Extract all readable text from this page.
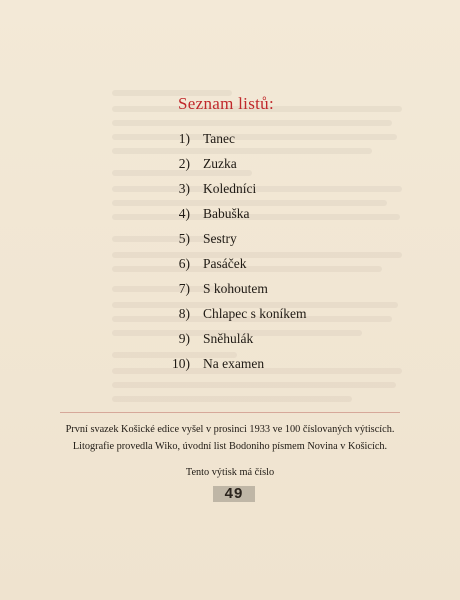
Seznam listů:
1) Tanec
2) Zuzka
3) Koledníci
4) Babuška
5) Sestry
6) Pasáček
7) S kohoutem
8) Chlapec s koníkem
9) Sněhulák
10) Na examen
První svazek Košické edice vyšel v prosinci 1933 ve 100 číslovaných výtiscích.
Litografie provedla Wiko, úvodní list Bodoniho písmem Novina v Košicích.
Tento výtisk má číslo
49
